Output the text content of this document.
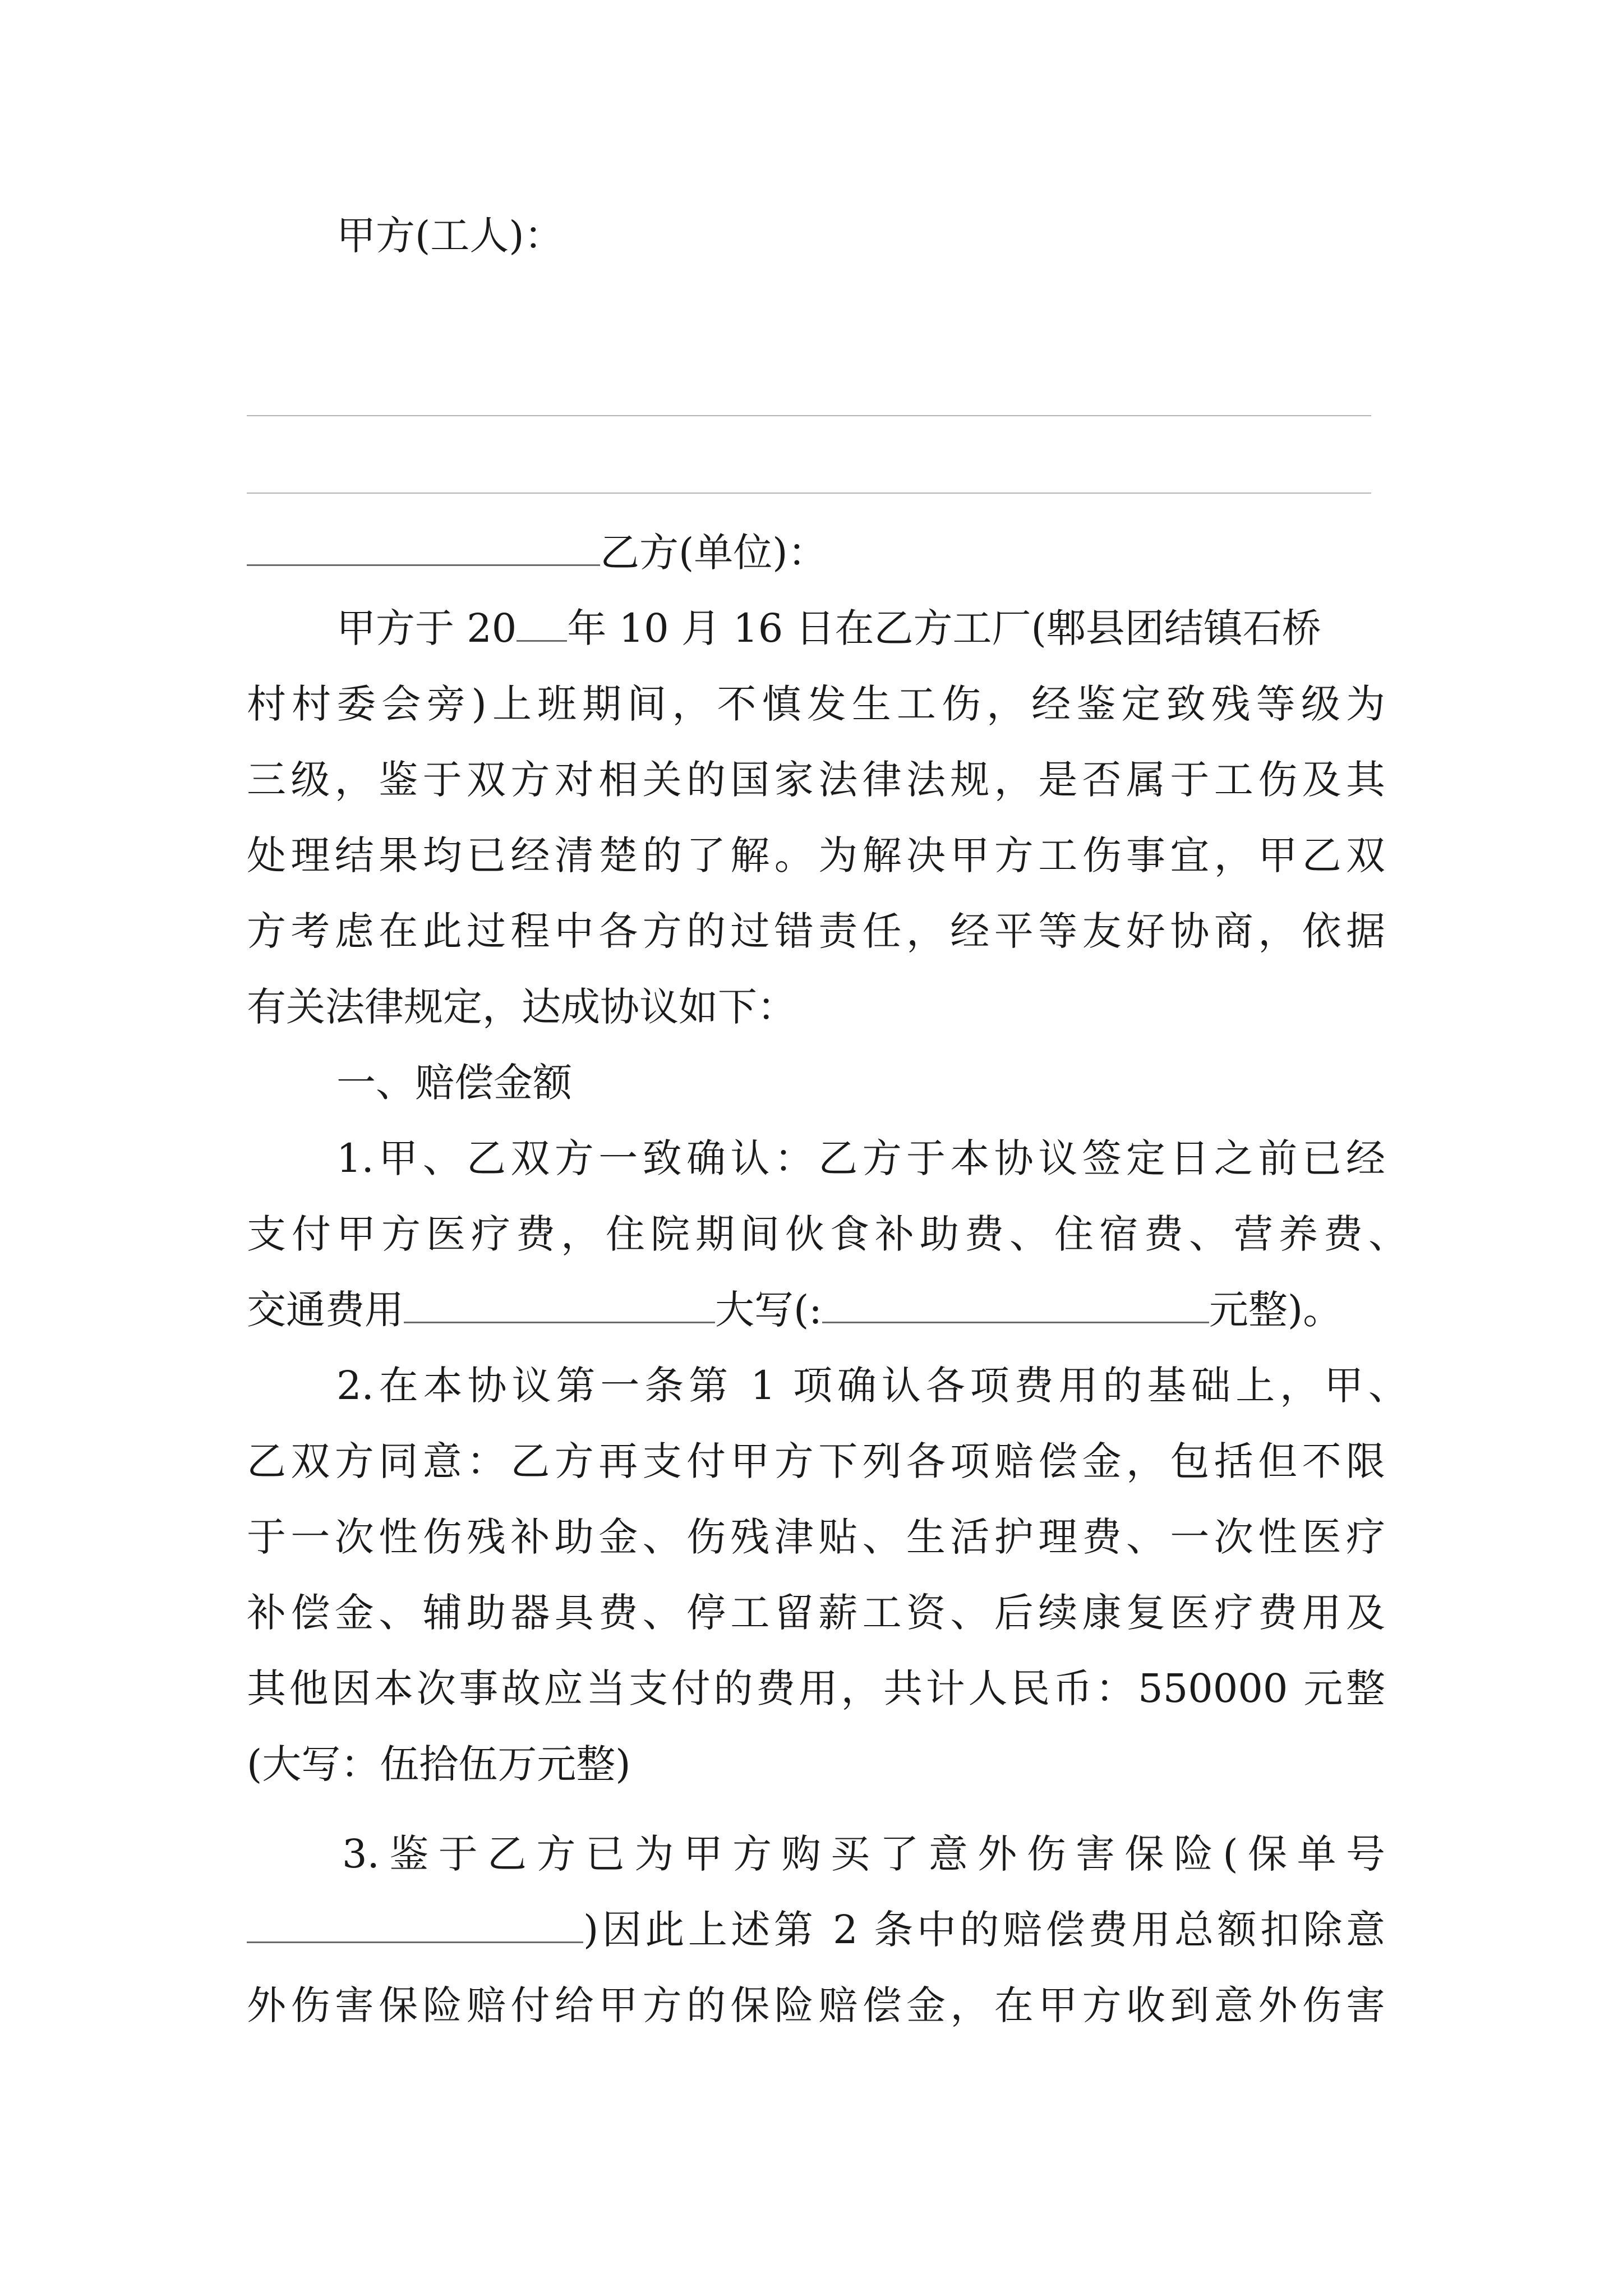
甲方(工人)：
乙方(单位)：
甲方于 20 年 10 月 16 日在乙方工厂(郫县团结镇石桥
村村委会旁)上班期间，不慎发生工伤，经鉴定致残等级为
三级，鉴于双方对相关的国家法律法规，是否属于工伤及其
处理结果均已经清楚的了解。为解决甲方工伤事宜，甲乙双
方考虑在此过程中各方的过错责任，经平等友好协商，依据
有关法律规定，达成协议如下：
一、赔偿金额
1.甲、乙双方一致确认：乙方于本协议签定日之前已经
支付甲方医疗费，住院期间伙食补助费、住宿费、营养费、
交通费用	大写(:	元整)。
2.在本协议第一条第 1 项确认各项费用的基础上，甲、
乙双方同意：乙方再支付甲方下列各项赔偿金，包括但不限
于一次性伤残补助金、伤残津贴、生活护理费、一次性医疗
补偿金、辅助器具费、停工留薪工资、后续康复医疗费用及
其他因本次事故应当支付的费用，共计人民币：550000 元整
(大写：伍拾伍万元整)
3.鉴于乙方已为甲方购买了意外伤害保险(保单号
)因此上述第 2 条中的赔偿费用总额扣除意
外伤害保险赔付给甲方的保险赔偿金，在甲方收到意外伤害
